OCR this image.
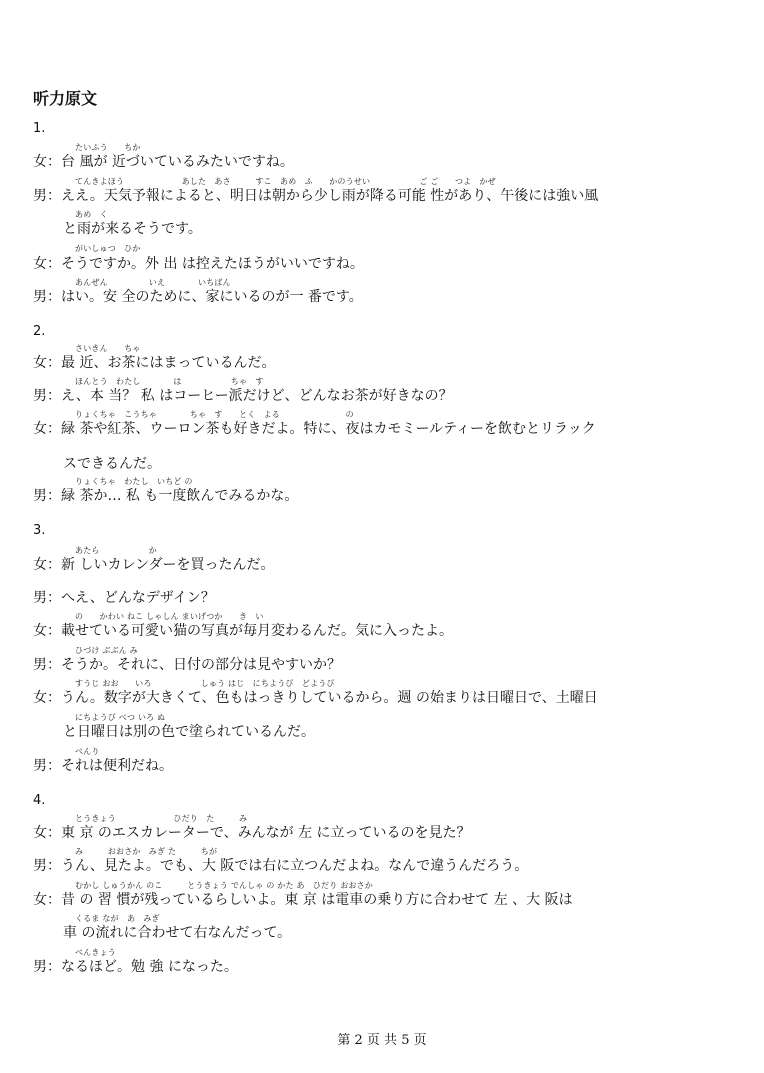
听力原文
1.
たいふう　　ちか
女：台 風が 近づいているみたいですね。
てんきよほう　　　　　　　あした　あさ　　　すこ　あめ　ふ　　かのうせい　　　　　　ご ご　　つよ　かぜ
男：ええ。天気予報によると、明日は朝から少し雨が降る可能 性があり、午後には強い風
あめ　く
と雨が来るそうです。
がいしゅつ　ひか
女：そうですか。外 出 は控えたほうがいいですね。
あんぜん　　　　　いえ　　　　いちばん
男：はい。安 全のために、家にいるのが一 番です。
2.
さいきん　　ちゃ
女：最 近、お茶にはまっているんだ。
ほんとう　わたし　　　　は　　　　　　ちゃ　す
男：え、本 当？ 私 はコーヒー派だけど、どんなお茶が好きなの？
りょくちゃ　こうちゃ　　　　ちゃ　す　　とく　よる　　　　　　　　の
女：緑 茶や紅茶、ウーロン茶も好きだよ。特に、夜はカモミールティーを飲むとリラック
スできるんだ。
りょくちゃ　わたし　いちど の
男：緑 茶か… 私 も一度飲んでみるかな。
3.
あたら　　　　　　か
女：新 しいカレンダーを買ったんだ。
男：へえ、どんなデザイン？
の　　かわい ねこ しゃしん まいげつか　　き　い
女：載せている可愛い猫の写真が毎月変わるんだ。気に入ったよ。
ひづけ ぶぶん み
男：そうか。それに、日付の部分は見やすいか？
すうじ おお　　いろ　　　　　　しゅう はじ　にちようび　どようび
女：うん。数字が大きくて、色もはっきりしているから。週 の始まりは日曜日で、土曜日
にちようび べつ いろ ぬ
と日曜日は別の色で塗られているんだ。
べんり
男：それは便利だね。
4.
とうきょう　　　　　　　ひだり　た　　　み
女：東 京 のエスカレーターで、みんなが 左 に立っているのを見た？
み　　　おおさか　みぎ た　　　ちが
男：うん、見たよ。でも、大 阪では右に立つんだよね。なんで違うんだろう。
むかし しゅうかん のこ　　　とうきょう でんしゃ の かた あ　ひだり おおさか
女：昔 の 習 慣が残っているらしいよ。東 京 は電車の乗り方に合わせて 左 、大 阪は
くるま なが　あ　みぎ
車 の流れに合わせて右なんだって。
べんきょう
男：なるほど。勉 強 になった。
第 2 页 共 5 页
